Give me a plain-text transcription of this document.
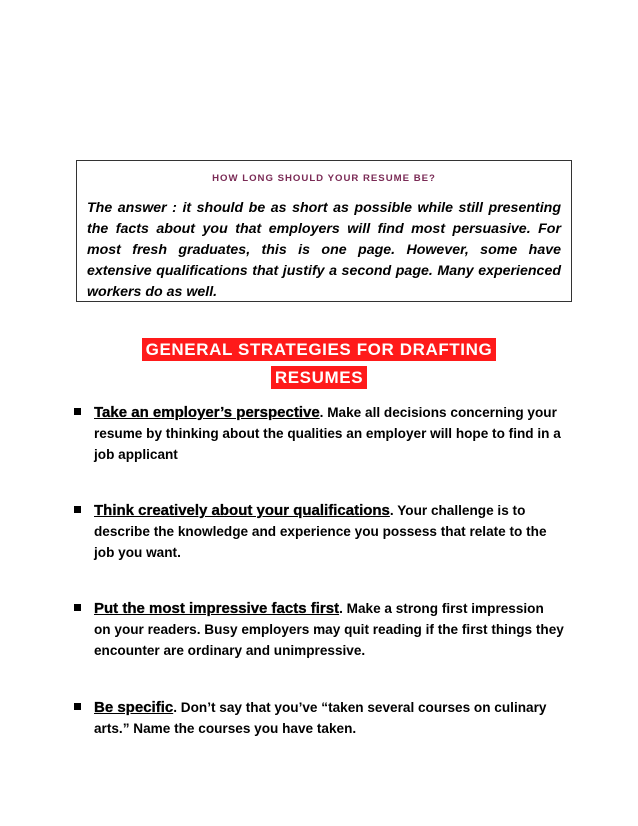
HOW LONG SHOULD YOUR RESUME BE?
The answer : it should be as short as possible while still presenting the facts about you that employers will find most persuasive. For most fresh graduates, this is one page. However, some have extensive qualifications that justify a second page. Many experienced workers do as well.
GENERAL STRATEGIES FOR DRAFTING
RESUMES
Take an employer’s perspective. Make all decisions concerning your resume by thinking about the qualities an employer will hope to find in a job applicant
Think creatively about your qualifications. Your challenge is to describe the knowledge and experience you possess that relate to the job you want.
Put the most impressive facts first. Make a strong first impression on your readers. Busy employers may quit reading if the first things they encounter are ordinary and unimpressive.
Be specific. Don’t say that you’ve “taken several courses on culinary arts.” Name the courses you have taken.
